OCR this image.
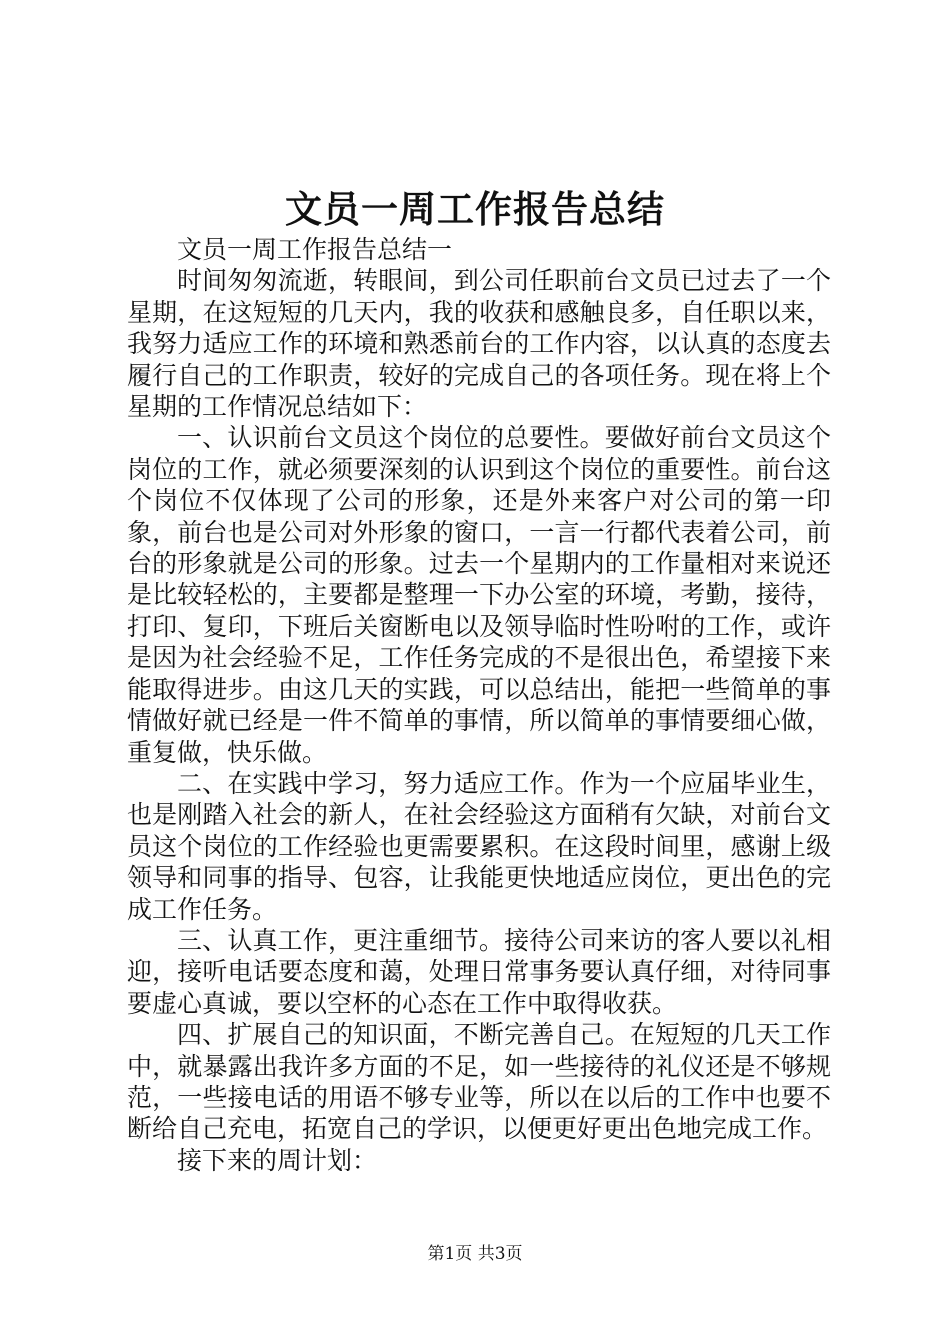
文员一周工作报告总结
文员一周工作报告总结一

时间匆匆流逝，转眼间，到公司任职前台文员已过去了一个星期，在这短短的几天内，我的收获和感触良多，自任职以来，我努力适应工作的环境和熟悉前台的工作内容，以认真的态度去履行自己的工作职责，较好的完成自己的各项任务。现在将上个星期的工作情况总结如下：

一、认识前台文员这个岗位的总要性。要做好前台文员这个岗位的工作，就必须要深刻的认识到这个岗位的重要性。前台这个岗位不仅体现了公司的形象，还是外来客户对公司的第一印象，前台也是公司对外形象的窗口，一言一行都代表着公司，前台的形象就是公司的形象。过去一个星期内的工作量相对来说还是比较轻松的，主要都是整理一下办公室的环境，考勤，接待，打印、复印，下班后关窗断电以及领导临时性吩咐的工作，或许是因为社会经验不足，工作任务完成的不是很出色，希望接下来能取得进步。由这几天的实践，可以总结出，能把一些简单的事情做好就已经是一件不简单的事情，所以简单的事情要细心做，重复做，快乐做。

二、在实践中学习，努力适应工作。作为一个应届毕业生，也是刚踏入社会的新人，在社会经验这方面稍有欠缺，对前台文员这个岗位的工作经验也更需要累积。在这段时间里，感谢上级领导和同事的指导、包容，让我能更快地适应岗位，更出色的完成工作任务。

三、认真工作，更注重细节。接待公司来访的客人要以礼相迎，接听电话要态度和蔼，处理日常事务要认真仔细，对待同事要虚心真诚，要以空杯的心态在工作中取得收获。

四、扩展自己的知识面，不断完善自己。在短短的几天工作中，就暴露出我许多方面的不足，如一些接待的礼仪还是不够规范，一些接电话的用语不够专业等，所以在以后的工作中也要不断给自己充电，拓宽自己的学识，以便更好更出色地完成工作。

接下来的周计划：

第1页 共3页
